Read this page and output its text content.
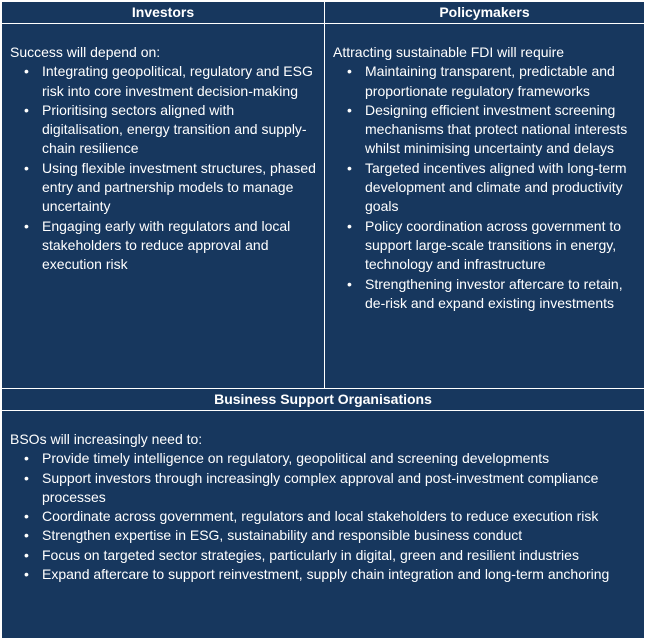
Investors	Policymakers
Business Support Organisations

Success will depend on:

• Integrating geopolitical, regulatory and ESG risk into core investment decision-making
• Prioritising sectors aligned with digitalisation, energy transition and supply-chain resilience
• Using flexible investment structures, phased entry and partnership models to manage uncertainty
• Engaging early with regulators and local stakeholders to reduce approval and execution risk

Attracting sustainable FDI will require

• Maintaining transparent, predictable and proportionate regulatory frameworks
• Designing efficient investment screening mechanisms that protect national interests whilst minimising uncertainty and delays
• Targeted incentives aligned with long-term development and climate and productivity goals
• Policy coordination across government to support large-scale transitions in energy, technology and infrastructure
• Strengthening investor aftercare to retain, de-risk and expand existing investments

BSOs will increasingly need to:

• Provide timely intelligence on regulatory, geopolitical and screening developments
• Support investors through increasingly complex approval and post-investment compliance processes
• Coordinate across government, regulators and local stakeholders to reduce execution risk
• Strengthen expertise in ESG, sustainability and responsible business conduct
• Focus on targeted sector strategies, particularly in digital, green and resilient industries
• Expand aftercare to support reinvestment, supply chain integration and long-term anchoring
